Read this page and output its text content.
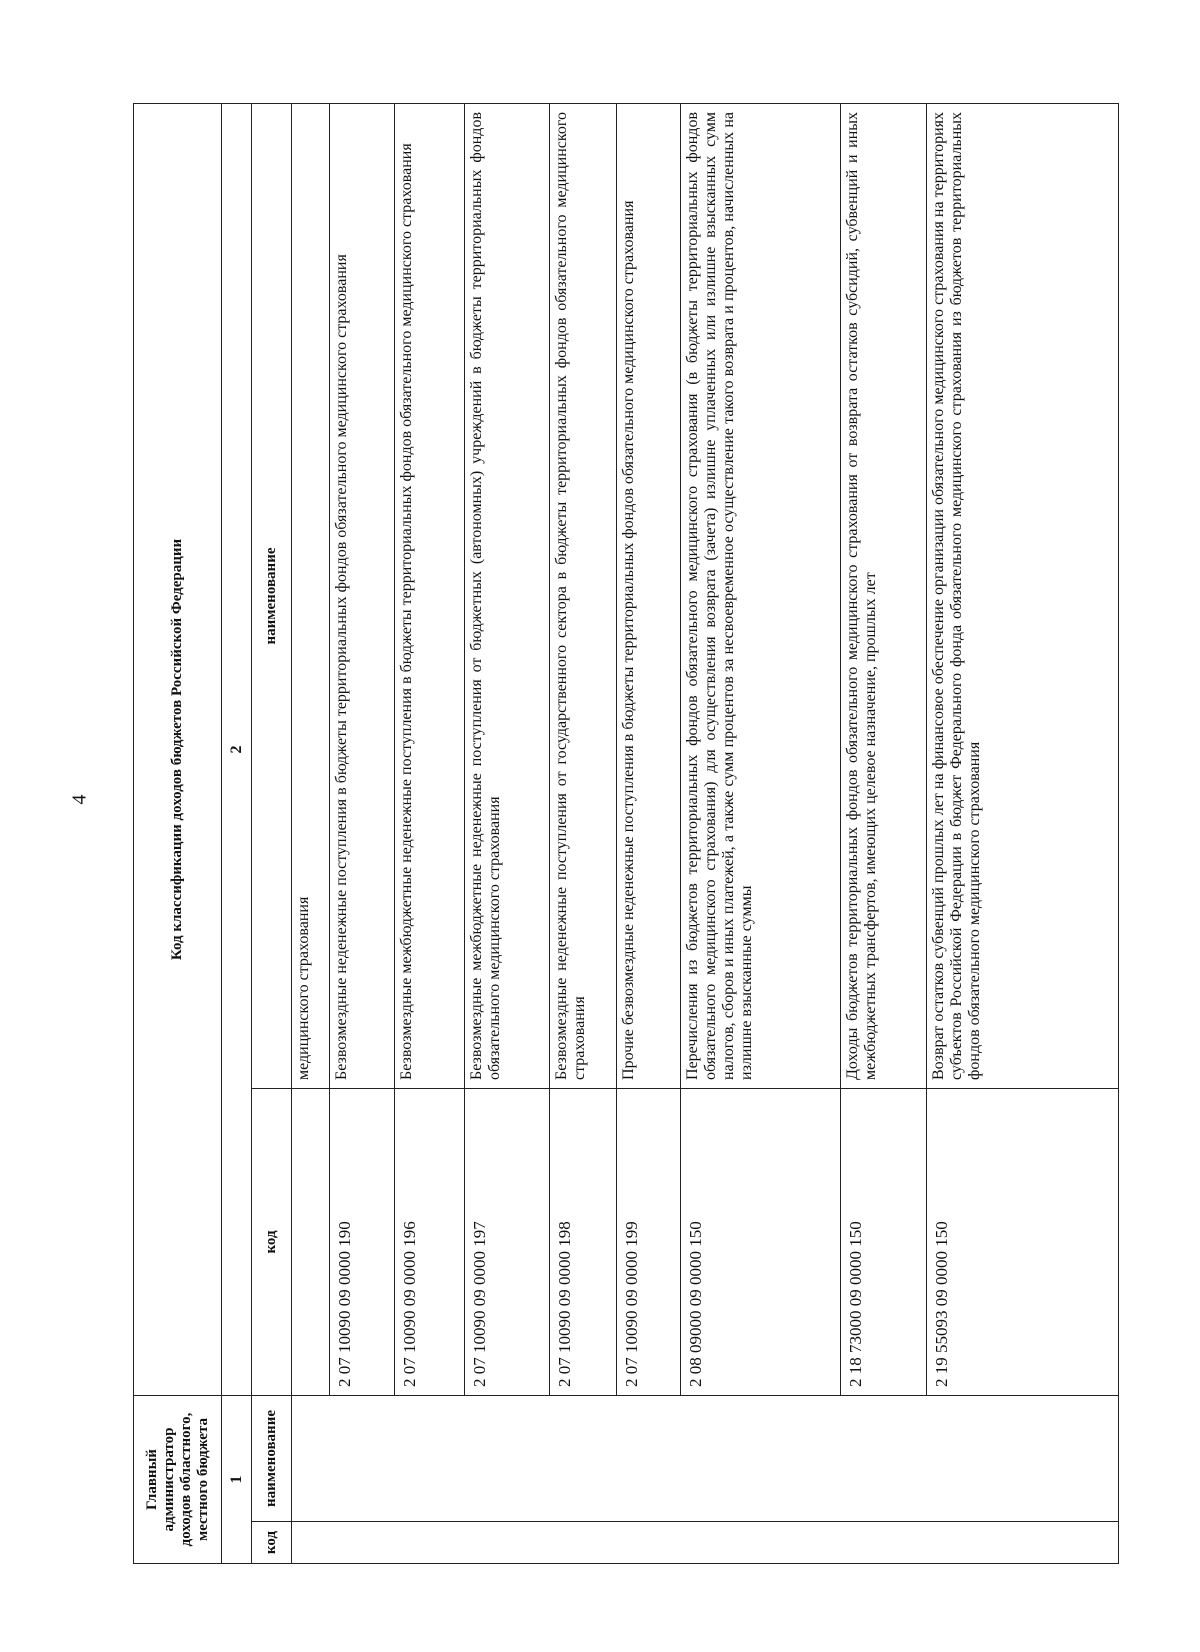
4
Главный администратор доходов областного, местного бюджета		Код классификации доходов бюджетов Российской Федерации	
1		2	
код	наименование	код	наименование
			медицинского страхования
		2 07 10090 09 0000 190	Безвозмездные неденежные поступления в бюджеты территориальных фондов обязательного медицинского страхования
		2 07 10090 09 0000 196	Безвозмездные межбюджетные неденежные поступления в бюджеты территориальных фондов обязательного медицинского страхования
		2 07 10090 09 0000 197	Безвозмездные межбюджетные неденежные поступления от бюджетных (автономных) учреждений в бюджеты территориальных фондов обязательного медицинского страхования
		2 07 10090 09 0000 198	Безвозмездные неденежные поступления от государственного сектора в бюджеты территориальных фондов обязательного медицинского страхования
		2 07 10090 09 0000 199	Прочие безвозмездные неденежные поступления в бюджеты территориальных фондов обязательного медицинского страхования
		2 08 09000 09 0000 150	Перечисления из бюджетов территориальных фондов обязательного медицинского страхования (в бюджеты территориальных фондов обязательного медицинского страхования) для осуществления возврата (зачета) излишне уплаченных или излишне взысканных сумм налогов, сборов и иных платежей, а также сумм процентов за несвоевременное осуществление такого возврата и процентов, начисленных на излишне взысканные суммы
		2 18 73000 09 0000 150	Доходы бюджетов территориальных фондов обязательного медицинского страхования от возврата остатков субсидий, субвенций и иных межбюджетных трансфертов, имеющих целевое назначение, прошлых лет
		2 19 55093 09 0000 150	Возврат остатков субвенций прошлых лет на финансовое обеспечение организации обязательного медицинского страхования на территориях субъектов Российской Федерации в бюджет Федерального фонда обязательного медицинского страхования из бюджетов территориальных фондов обязательного медицинского страхования
